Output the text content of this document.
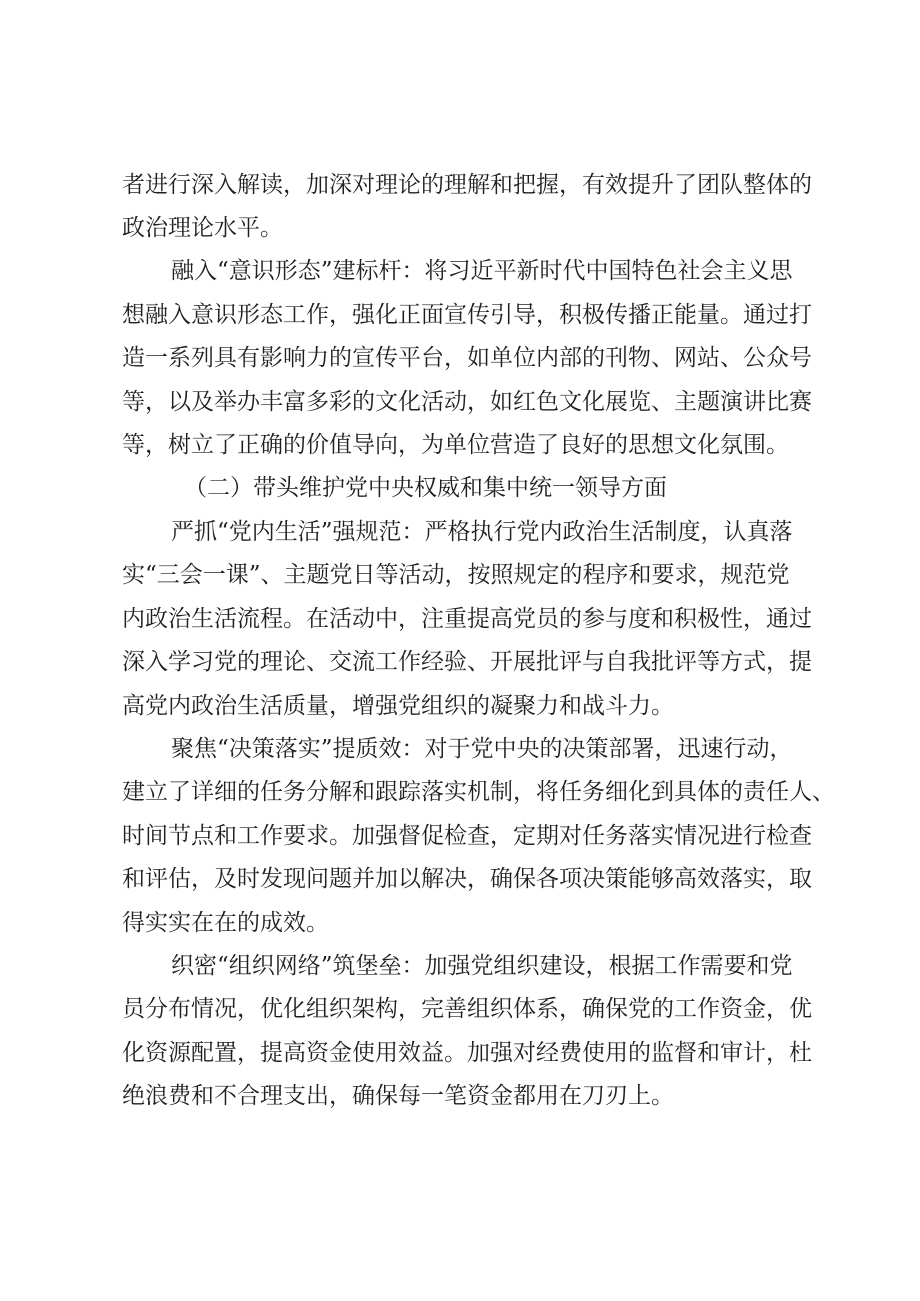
者进行深入解读，加深对理论的理解和把握，有效提升了团队整体的
政治理论水平。
融入“意识形态”建标杆：将习近平新时代中国特色社会主义思
想融入意识形态工作，强化正面宣传引导，积极传播正能量。通过打
造一系列具有影响力的宣传平台，如单位内部的刊物、网站、公众号
等，以及举办丰富多彩的文化活动，如红色文化展览、主题演讲比赛
等，树立了正确的价值导向，为单位营造了良好的思想文化氛围。
（二）带头维护党中央权威和集中统一领导方面
严抓“党内生活”强规范：严格执行党内政治生活制度，认真落
实“三会一课”、主题党日等活动，按照规定的程序和要求，规范党
内政治生活流程。在活动中，注重提高党员的参与度和积极性，通过
深入学习党的理论、交流工作经验、开展批评与自我批评等方式，提
高党内政治生活质量，增强党组织的凝聚力和战斗力。
聚焦“决策落实”提质效：对于党中央的决策部署，迅速行动，
建立了详细的任务分解和跟踪落实机制，将任务细化到具体的责任人、
时间节点和工作要求。加强督促检查，定期对任务落实情况进行检查
和评估，及时发现问题并加以解决，确保各项决策能够高效落实，取
得实实在在的成效。
织密“组织网络”筑堡垒：加强党组织建设，根据工作需要和党
员分布情况，优化组织架构，完善组织体系，确保党的工作资金，优
化资源配置，提高资金使用效益。加强对经费使用的监督和审计，杜
绝浪费和不合理支出，确保每一笔资金都用在刀刃上。
